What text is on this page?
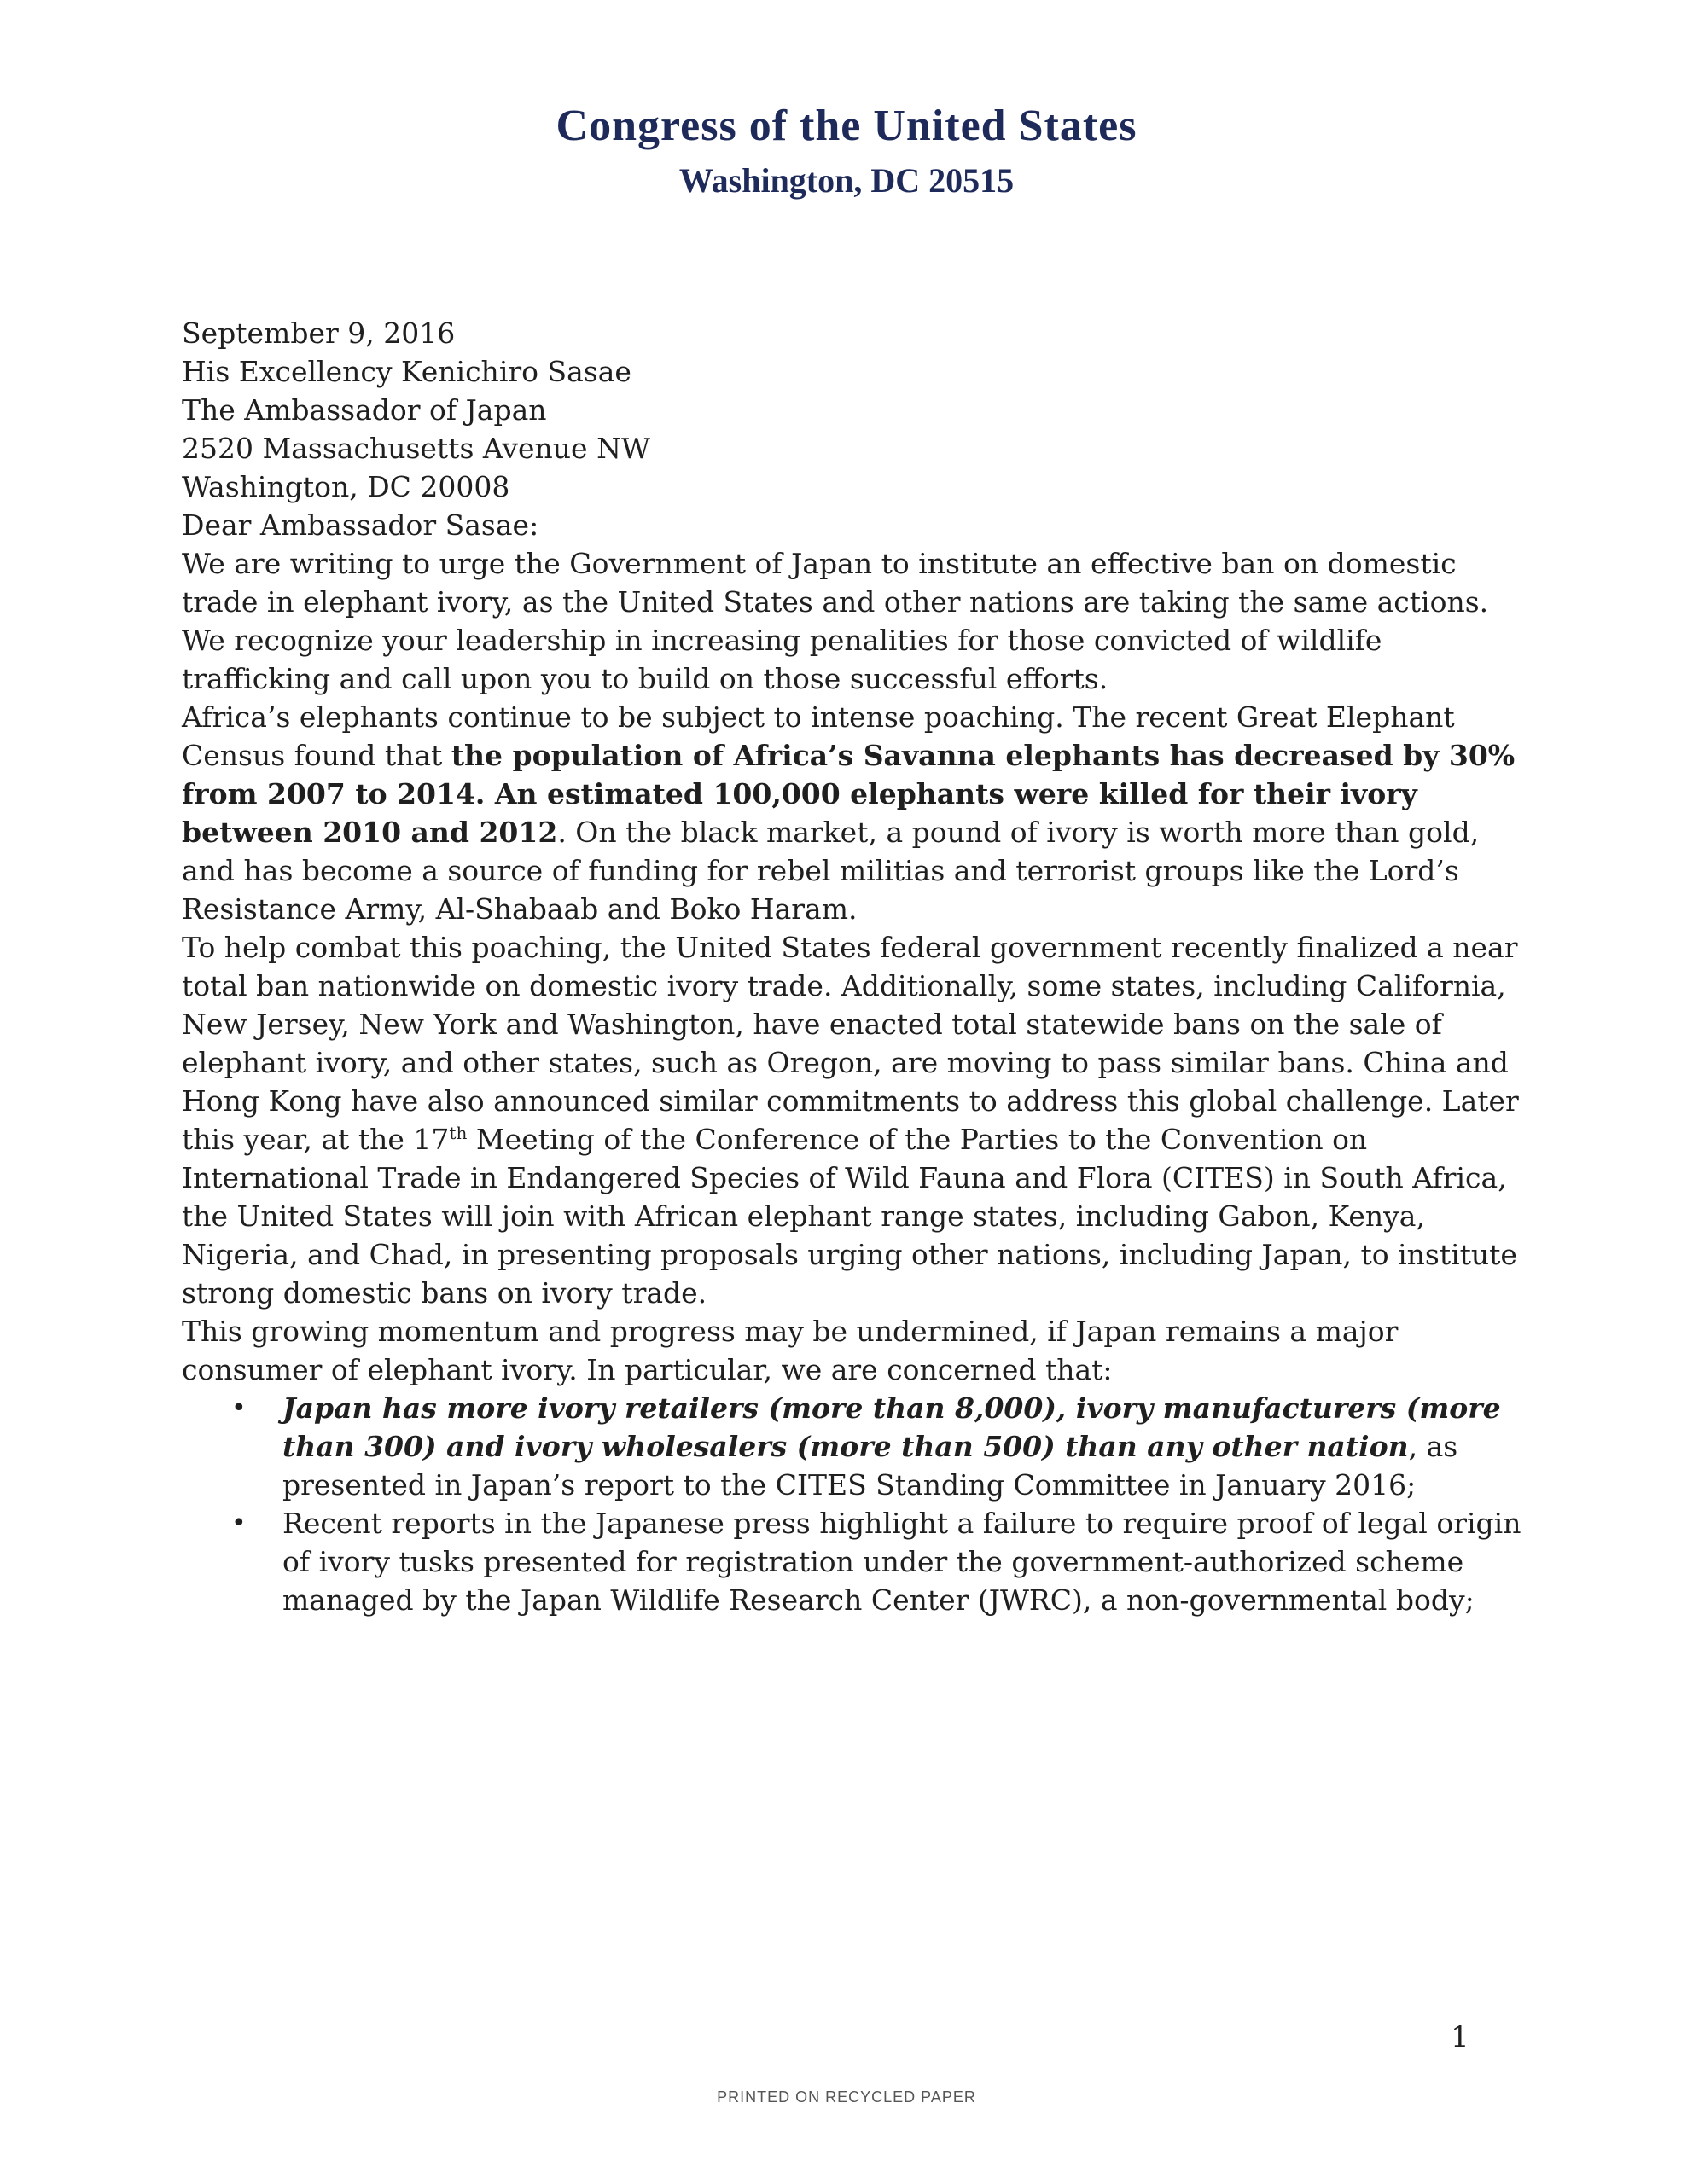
Congress of the United States
Washington, DC 20515

September 9, 2016

His Excellency Kenichiro Sasae
The Ambassador of Japan
2520 Massachusetts Avenue NW
Washington, DC 20008

Dear Ambassador Sasae:

We are writing to urge the Government of Japan to institute an effective ban on domestic trade in elephant ivory, as the United States and other nations are taking the same actions. We recognize your leadership in increasing penalities for those convicted of wildlife trafficking and call upon you to build on those successful efforts.

Africa’s elephants continue to be subject to intense poaching. The recent Great Elephant Census found that the population of Africa’s Savanna elephants has decreased by 30% from 2007 to 2014. An estimated 100,000 elephants were killed for their ivory between 2010 and 2012. On the black market, a pound of ivory is worth more than gold, and has become a source of funding for rebel militias and terrorist groups like the Lord’s Resistance Army, Al-Shabaab and Boko Haram.

To help combat this poaching, the United States federal government recently finalized a near total ban nationwide on domestic ivory trade. Additionally, some states, including California, New Jersey, New York and Washington, have enacted total statewide bans on the sale of elephant ivory, and other states, such as Oregon, are moving to pass similar bans. China and Hong Kong have also announced similar commitments to address this global challenge. Later this year, at the 17th Meeting of the Conference of the Parties to the Convention on International Trade in Endangered Species of Wild Fauna and Flora (CITES) in South Africa, the United States will join with African elephant range states, including Gabon, Kenya, Nigeria, and Chad, in presenting proposals urging other nations, including Japan, to institute strong domestic bans on ivory trade.

This growing momentum and progress may be undermined, if Japan remains a major consumer of elephant ivory. In particular, we are concerned that:

• Japan has more ivory retailers (more than 8,000), ivory manufacturers (more than 300) and ivory wholesalers (more than 500) than any other nation, as presented in Japan’s report to the CITES Standing Committee in January 2016;
• Recent reports in the Japanese press highlight a failure to require proof of legal origin of ivory tusks presented for registration under the government-authorized scheme managed by the Japan Wildlife Research Center (JWRC), a non-governmental body;
1
PRINTED ON RECYCLED PAPER
